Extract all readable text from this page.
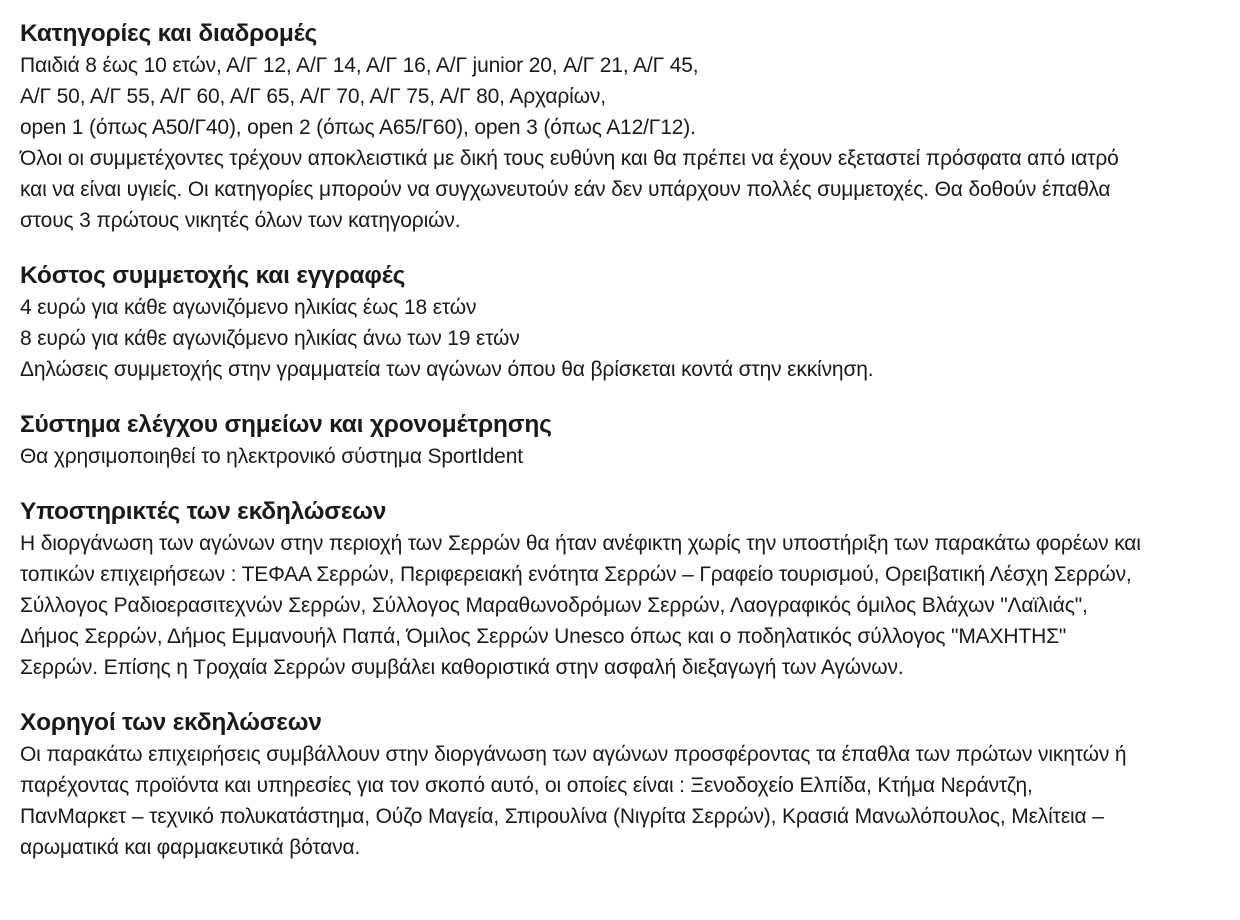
Κατηγορίες και διαδρομές
Παιδιά 8 έως 10 ετών, Α/Γ 12, Α/Γ 14, Α/Γ 16, Α/Γ junior 20, Α/Γ 21, Α/Γ 45,
Α/Γ 50, Α/Γ 55, Α/Γ 60, Α/Γ 65, Α/Γ 70, Α/Γ 75, Α/Γ 80, Αρχαρίων,
open 1 (όπως Α50/Γ40), open 2 (όπως Α65/Γ60), open 3 (όπως Α12/Γ12).
Όλοι οι συμμετέχοντες τρέχουν αποκλειστικά με δική τους ευθύνη και θα πρέπει να έχουν εξεταστεί πρόσφατα από ιατρό
και να είναι υγιείς. Οι κατηγορίες μπορούν να συγχωνευτούν εάν δεν υπάρχουν πολλές συμμετοχές. Θα δοθούν έπαθλα
στους 3 πρώτους νικητές όλων των κατηγοριών.
Κόστος συμμετοχής και εγγραφές
4 ευρώ για κάθε αγωνιζόμενο ηλικίας έως 18 ετών
8 ευρώ για κάθε αγωνιζόμενο ηλικίας άνω των 19 ετών
Δηλώσεις συμμετοχής στην γραμματεία των αγώνων όπου θα βρίσκεται κοντά στην εκκίνηση.
Σύστημα ελέγχου σημείων και χρονομέτρησης
Θα χρησιμοποιηθεί το ηλεκτρονικό σύστημα SportIdent
Υποστηρικτές των εκδηλώσεων
Η διοργάνωση των αγώνων στην περιοχή των Σερρών θα ήταν ανέφικτη χωρίς την υποστήριξη των παρακάτω φορέων και
τοπικών επιχειρήσεων : ΤΕΦΑΑ Σερρών, Περιφερειακή ενότητα Σερρών – Γραφείο τουρισμού, Ορειβατική Λέσχη Σερρών,
Σύλλογος Ραδιοερασιτεχνών Σερρών, Σύλλογος Μαραθωνοδρόμων Σερρών, Λαογραφικός όμιλος Βλάχων "Λαϊλιάς",
Δήμος Σερρών, Δήμος Εμμανουήλ Παπά, Όμιλος Σερρών Unesco όπως και ο ποδηλατικός σύλλογος "ΜΑΧΗΤΗΣ"
Σερρών. Επίσης η Τροχαία Σερρών συμβάλει καθοριστικά στην ασφαλή διεξαγωγή των Αγώνων.
Χορηγοί των εκδηλώσεων
Οι παρακάτω επιχειρήσεις συμβάλλουν στην διοργάνωση των αγώνων προσφέροντας τα έπαθλα των πρώτων νικητών ή
παρέχοντας προϊόντα και υπηρεσίες για τον σκοπό αυτό, οι οποίες είναι : Ξενοδοχείο Ελπίδα, Κτήμα Νεράντζη,
ΠανΜαρκετ – τεχνικό πολυκατάστημα, Ούζο Μαγεία, Σπιρουλίνα (Νιγρίτα Σερρών), Κρασιά Μανωλόπουλος, Μελίτεια –
αρωματικά και φαρμακευτικά βότανα.
